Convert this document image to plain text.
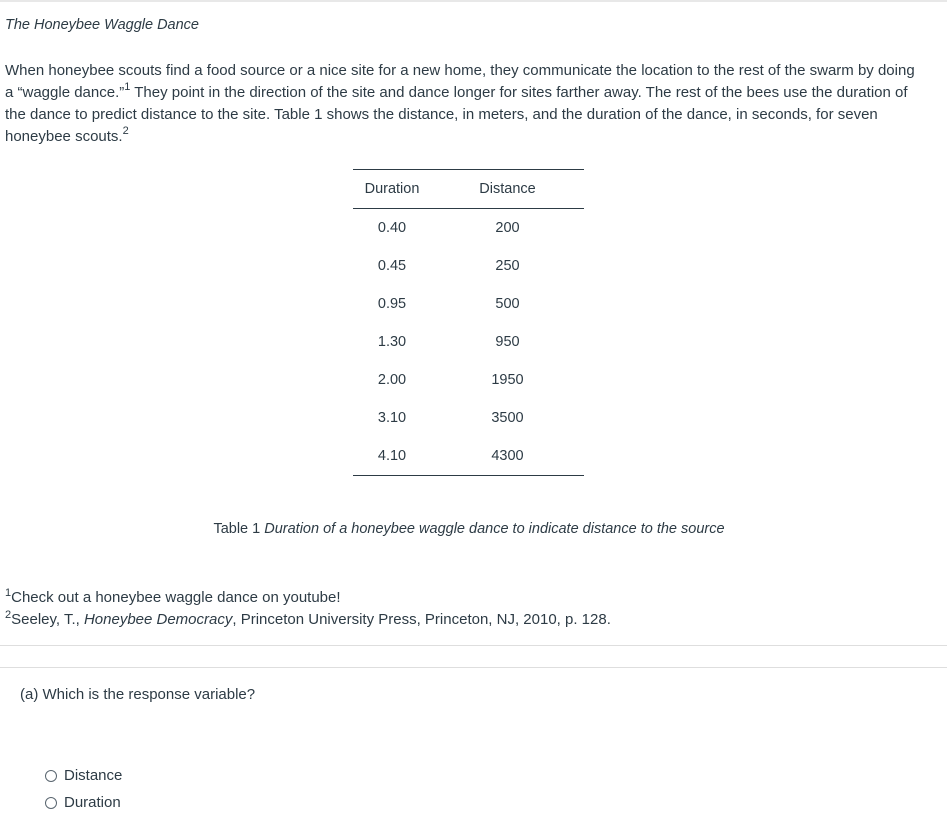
The Honeybee Waggle Dance

When honeybee scouts find a food source or a nice site for a new home, they communicate the location to the rest of the swarm by doing a “waggle dance.”$^1$ They point in the direction of the site and dance longer for sites farther away. The rest of the bees use the duration of the dance to predict distance to the site. Table 1 shows the distance, in meters, and the duration of the dance, in seconds, for seven honeybee scouts.$^2$

Duration	Distance
0.40	200
0.45	250
0.95	500
1.30	950
2.00	1950
3.10	3500
4.10	4300
Table 1 Duration of a honeybee waggle dance to indicate distance to the source
$^1$Check out a honeybee waggle dance on youtube!
$^2$Seeley, T., Honeybee Democracy, Princeton University Press, Princeton, NJ, 2010, p. 128.
(a) Which is the response variable?
Distance
Duration
